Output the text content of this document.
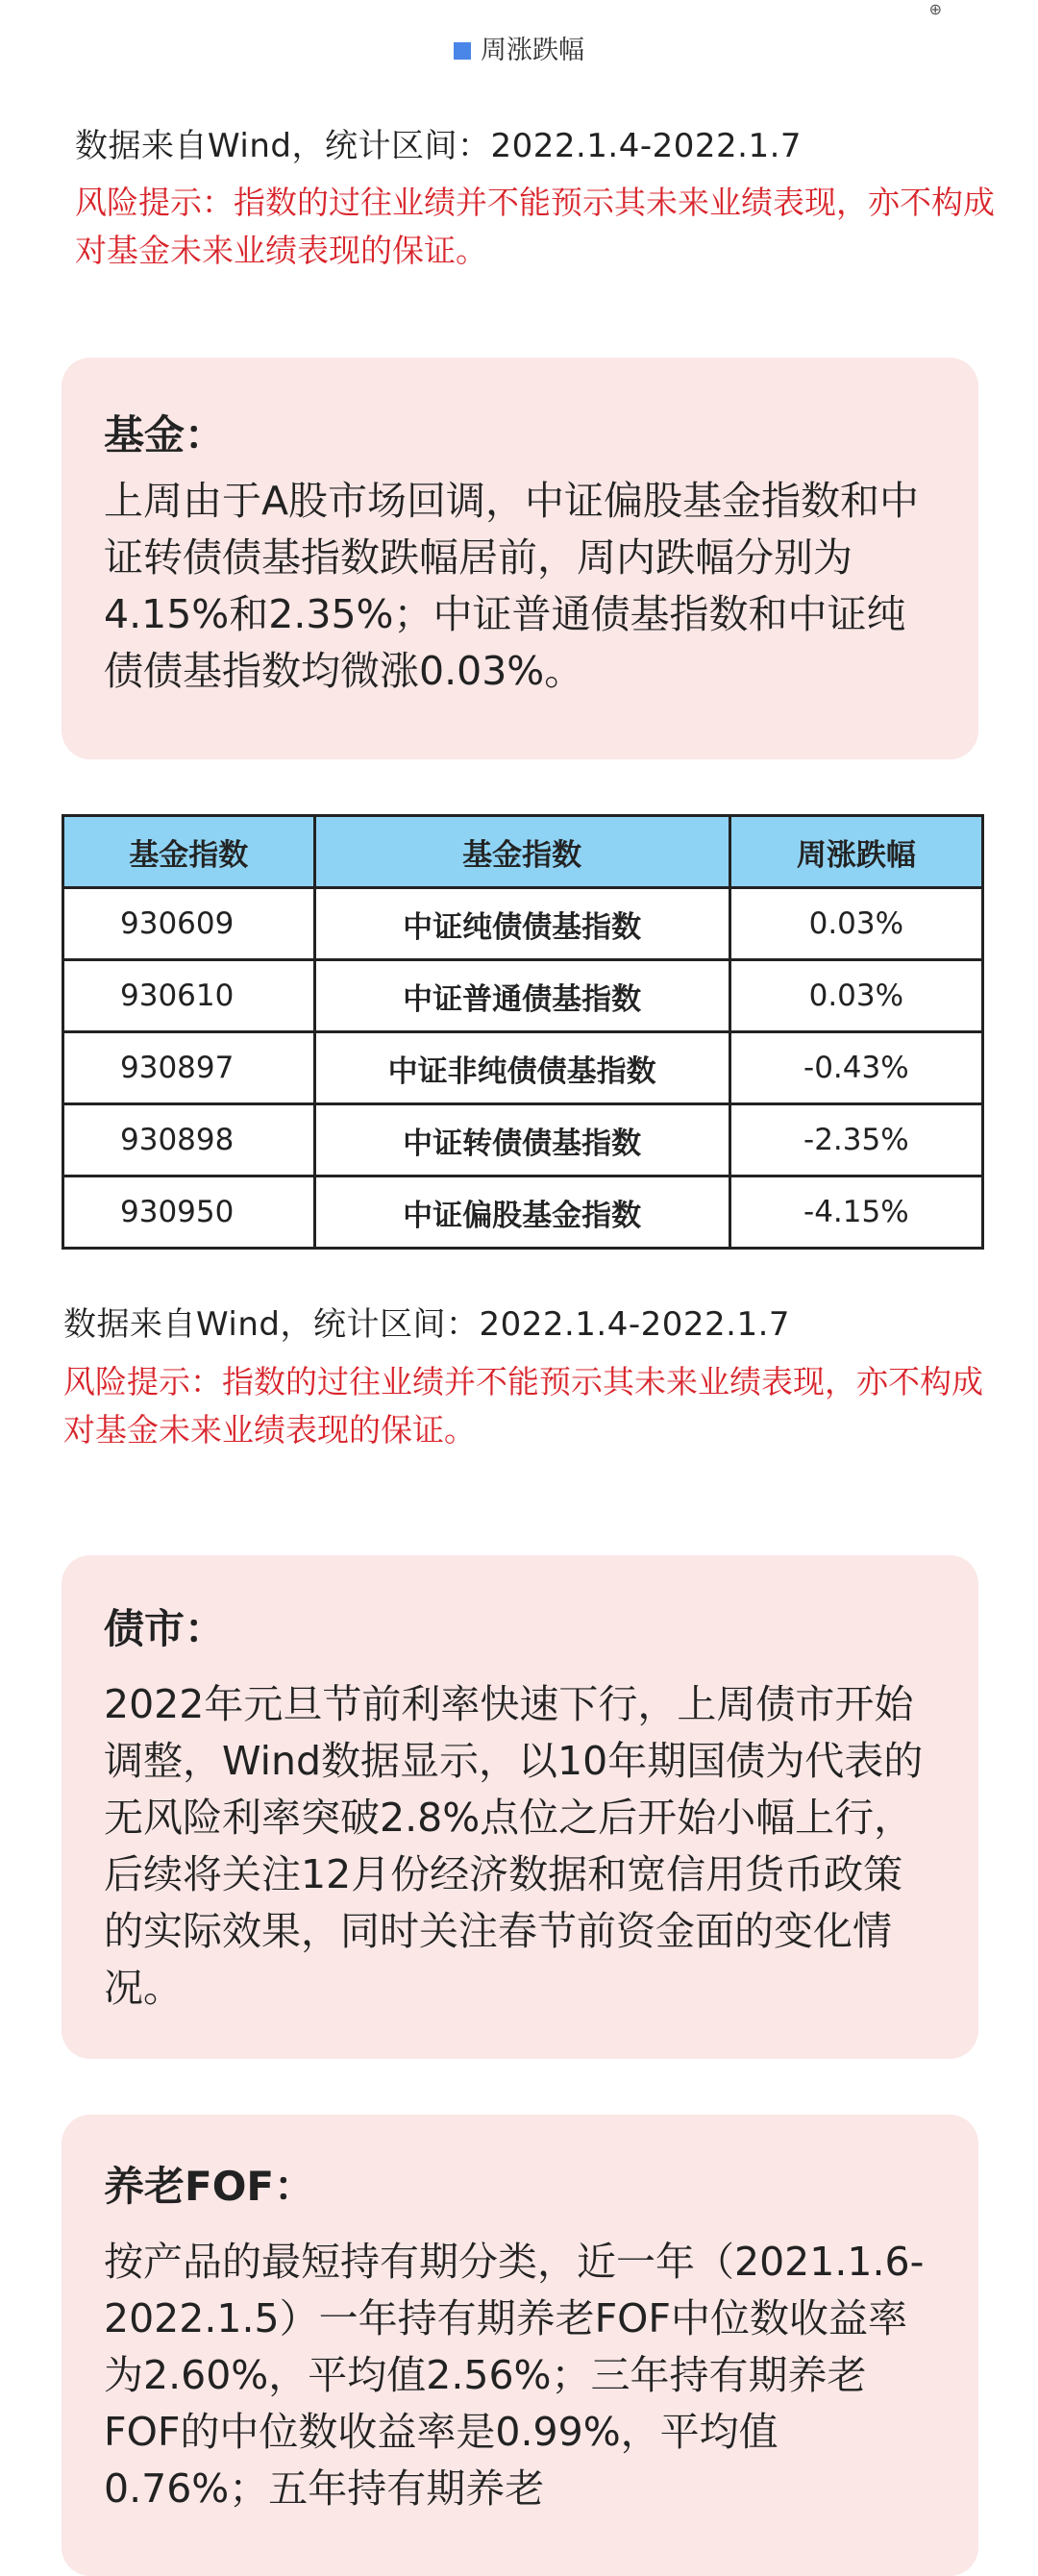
周涨跌幅
⊕
数据来自Wind，统计区间：2022.1.4-2022.1.7
风险提示：指数的过往业绩并不能预示其未来业绩表现，亦不构成对基金未来业绩表现的保证。
基金：
上周由于A股市场回调，中证偏股基金指数和中证转债债基指数跌幅居前，周内跌幅分别为4.15%和2.35%；中证普通债基指数和中证纯债债基指数均微涨0.03%。
基金指数	基金指数	周涨跌幅
930609	中证纯债债基指数	0.03%
930610	中证普通债基指数	0.03%
930897	中证非纯债债基指数	-0.43%
930898	中证转债债基指数	-2.35%
930950	中证偏股基金指数	-4.15%
数据来自Wind，统计区间：2022.1.4-2022.1.7
风险提示：指数的过往业绩并不能预示其未来业绩表现，亦不构成对基金未来业绩表现的保证。
债市：
2022年元旦节前利率快速下行，上周债市开始调整，Wind数据显示，以10年期国债为代表的无风险利率突破2.8%点位之后开始小幅上行，后续将关注12月份经济数据和宽信用货币政策的实际效果，同时关注春节前资金面的变化情况。
养老FOF：
按产品的最短持有期分类，近一年（2021.1.6-2022.1.5）一年持有期养老FOF中位数收益率为2.60%，平均值2.56%；三年持有期养老FOF的中位数收益率是0.99%，平均值0.76%；五年持有期养老
